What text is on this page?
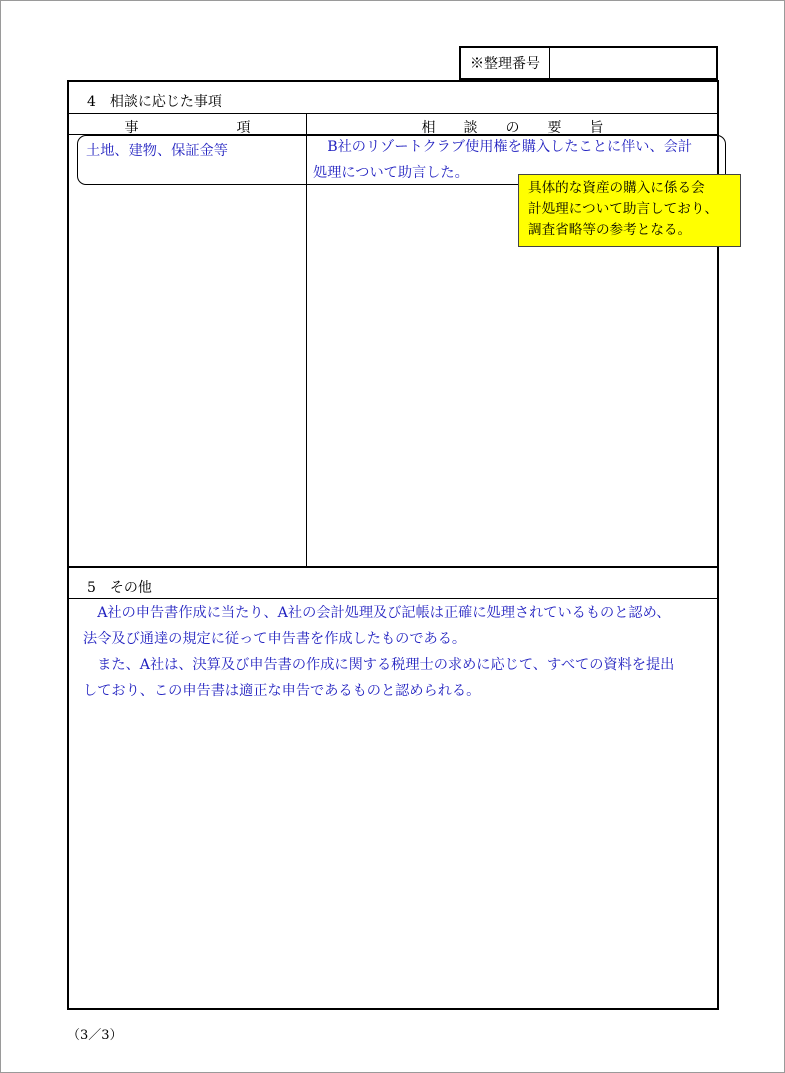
※整理番号
4　相談に応じた事項
事　　　　　　　項	相　　談　　の　　要　　旨
土地、建物、保証金等	　B社のリゾートクラブ使用権を購入したことに伴い、会計
処理について助言した。
5　その他
　A社の申告書作成に当たり、A社の会計処理及び記帳は正確に処理されているものと認め、
法令及び通達の規定に従って申告書を作成したものである。
　また、A社は、決算及び申告書の作成に関する税理士の求めに応じて、すべての資料を提出
しており、この申告書は適正な申告であるものと認められる。
具体的な資産の購入に係る会
計処理について助言しており、
調査省略等の参考となる。
（3／3）
